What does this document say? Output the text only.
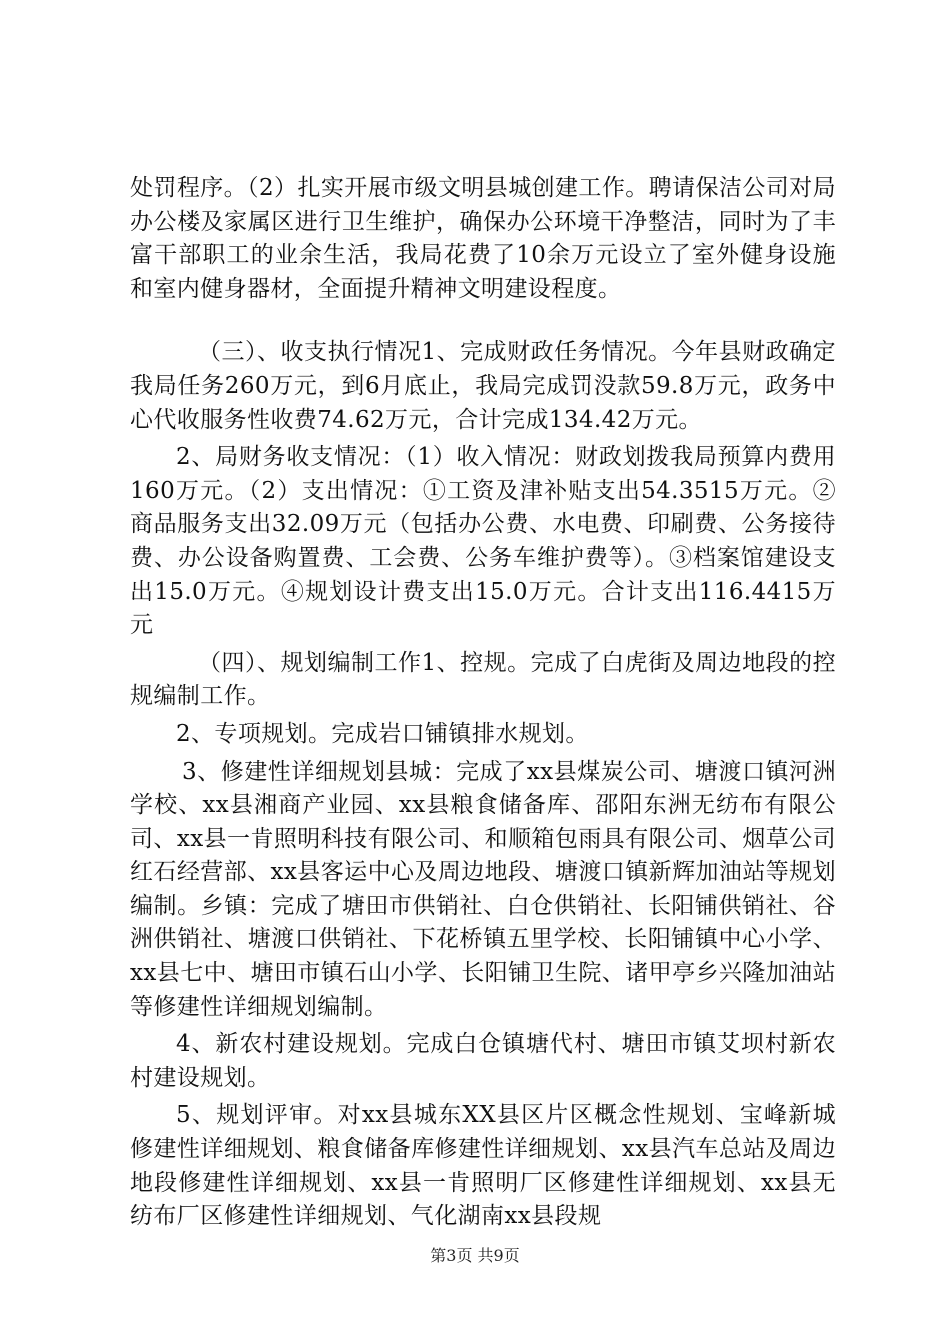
处罚程序。（2）扎实开展市级文明县城创建工作。聘请保洁公司对局办公楼及家属区进行卫生维护，确保办公环境干净整洁，同时为了丰富干部职工的业余生活，我局花费了10余万元设立了室外健身设施和室内健身器材，全面提升精神文明建设程度。

（三）、收支执行情况1、完成财政任务情况。今年县财政确定我局任务260万元，到6月底止，我局完成罚没款59.8万元，政务中心代收服务性收费74.62万元，合计完成134.42万元。

2、局财务收支情况：（1）收入情况：财政划拨我局预算内费用160万元。（2）支出情况：①工资及津补贴支出54.3515万元。②商品服务支出32.09万元（包括办公费、水电费、印刷费、公务接待费、办公设备购置费、工会费、公务车维护费等）。③档案馆建设支出15.0万元。④规划设计费支出15.0万元。合计支出116.4415万元

（四）、规划编制工作1、控规。完成了白虎街及周边地段的控规编制工作。

2、专项规划。完成岩口铺镇排水规划。

3、修建性详细规划县城：完成了xx县煤炭公司、塘渡口镇河洲学校、xx县湘商产业园、xx县粮食储备库、邵阳东洲无纺布有限公司、xx县一肯照明科技有限公司、和顺箱包雨具有限公司、烟草公司红石经营部、xx县客运中心及周边地段、塘渡口镇新辉加油站等规划编制。乡镇：完成了塘田市供销社、白仓供销社、长阳铺供销社、谷洲供销社、塘渡口供销社、下花桥镇五里学校、长阳铺镇中心小学、xx县七中、塘田市镇石山小学、长阳铺卫生院、诸甲亭乡兴隆加油站等修建性详细规划编制。

4、新农村建设规划。完成白仓镇塘代村、塘田市镇艾坝村新农村建设规划。

5、规划评审。对xx县城东XX县区片区概念性规划、宝峰新城修建性详细规划、粮食储备库修建性详细规划、xx县汽车总站及周边地段修建性详细规划、xx县一肯照明厂区修建性详细规划、xx县无纺布厂区修建性详细规划、气化湖南xx县段规

第3页 共9页
